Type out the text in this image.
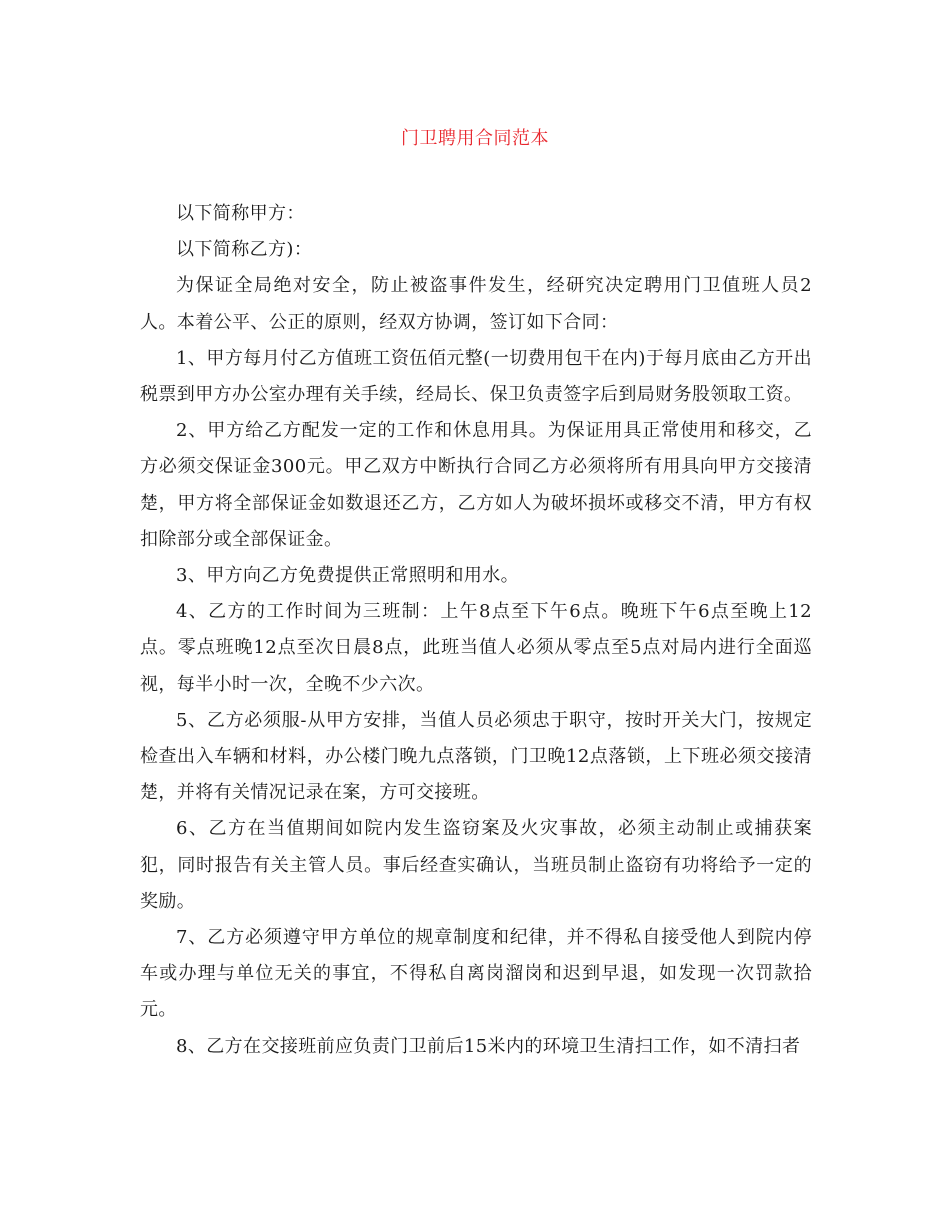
门卫聘用合同范本

以下简称甲方：

以下简称乙方)：

为保证全局绝对安全，防止被盗事件发生，经研究决定聘用门卫值班人员2人。本着公平、公正的原则，经双方协调，签订如下合同：

1、甲方每月付乙方值班工资伍佰元整(一切费用包干在内)于每月底由乙方开出税票到甲方办公室办理有关手续，经局长、保卫负责签字后到局财务股领取工资。

2、甲方给乙方配发一定的工作和休息用具。为保证用具正常使用和移交，乙方必须交保证金300元。甲乙双方中断执行合同乙方必须将所有用具向甲方交接清楚，甲方将全部保证金如数退还乙方，乙方如人为破坏损坏或移交不清，甲方有权扣除部分或全部保证金。

3、甲方向乙方免费提供正常照明和用水。

4、乙方的工作时间为三班制：上午8点至下午6点。晚班下午6点至晚上12点。零点班晚12点至次日晨8点，此班当值人必须从零点至5点对局内进行全面巡视，每半小时一次，全晚不少六次。

5、乙方必须服-从甲方安排，当值人员必须忠于职守，按时开关大门，按规定检查出入车辆和材料，办公楼门晚九点落锁，门卫晚12点落锁，上下班必须交接清楚，并将有关情况记录在案，方可交接班。

6、乙方在当值期间如院内发生盗窃案及火灾事故，必须主动制止或捕获案犯，同时报告有关主管人员。事后经查实确认，当班员制止盗窃有功将给予一定的奖励。

7、乙方必须遵守甲方单位的规章制度和纪律，并不得私自接受他人到院内停车或办理与单位无关的事宜，不得私自离岗溜岗和迟到早退，如发现一次罚款拾元。

8、乙方在交接班前应负责门卫前后15米内的环境卫生清扫工作，如不清扫者
